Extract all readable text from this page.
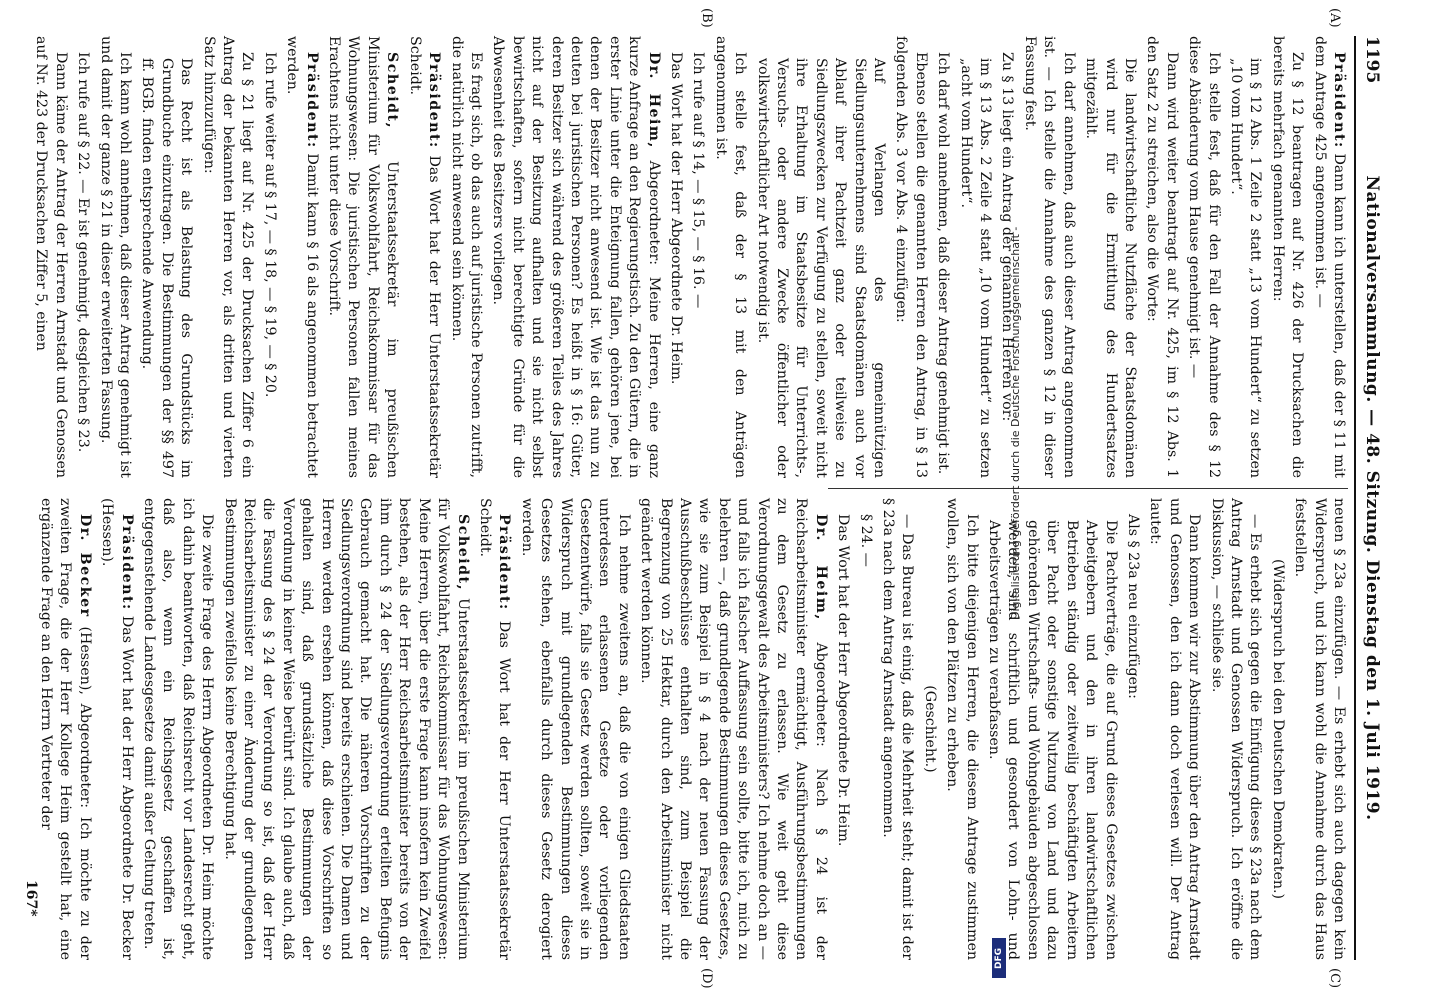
1195
Nationalversammlung. — 48. Sitzung. Dienstag den 1. Juli 1919.
(A)
(B)
(C)
(D)

Präsident: Dann kann ich unterstellen, daß der § 11 mit dem Antrage 425 angenommen ist. —

Zu § 12 beantragen auf Nr. 426 der Drucksachen die bereits mehrfach genannten Herren:

im § 12 Abs. 1 Zeile 2 statt „13 vom Hundert“ zu setzen „10 vom Hundert“.

Ich stelle fest, daß für den Fall der Annahme des § 12 diese Abänderung vom Hause genehmigt ist. —

Dann wird weiter beantragt auf Nr. 425, im § 12 Abs. 1 den Satz 2 zu streichen, also die Worte:

Die landwirtschaftliche Nutzfläche der Staatsdomänen wird nur für die Ermittlung des Hundertsatzes mitgezählt.

Ich darf annehmen, daß auch dieser Antrag angenommen ist. — Ich stelle die Annahme des ganzen § 12 in dieser Fassung fest.

Zu § 13 liegt ein Antrag der genannten Herren vor:

im § 13 Abs. 2 Zeile 4 statt „10 vom Hundert“ zu setzen „acht vom Hundert“.

Ich darf wohl annehmen, daß dieser Antrag genehmigt ist.

Ebenso stellen die genannten Herren den Antrag, in § 13 folgenden Abs. 3 vor Abs. 4 einzufügen:

Auf Verlangen des gemeinnützigen Siedlungsunternehmens sind Staatsdomänen auch vor Ablauf ihrer Pachtzeit ganz oder teilweise zu Siedlungszwecken zur Verfügung zu stellen, soweit nicht ihre Erhaltung im Staatsbesitze für Unterrichts-, Versuchs- oder andere Zwecke öffentlicher oder volkswirtschaftlicher Art notwendig ist.

Ich stelle fest, daß der § 13 mit den Anträgen angenommen ist.

Ich rufe auf § 14, — § 15, — § 16. —

Das Wort hat der Herr Abgeordnete Dr. Heim.

Dr. Heim, Abgeordneter: Meine Herren, eine ganz kurze Anfrage an den Regierungstisch. Zu den Gütern, die in erster Linie unter die Enteignung fallen, gehören jene, bei denen der Besitzer nicht anwesend ist. Wie ist das nun zu deuten bei juristischen Personen? Es heißt in § 16: Güter, deren Besitzer sich während des größeren Teiles des Jahres nicht auf der Besitzung aufhalten und sie nicht selbst bewirtschaften, sofern nicht berechtigte Gründe für die Abwesenheit des Besitzers vorliegen.

Es fragt sich, ob das auch auf juristische Personen zutrifft, die natürlich nicht anwesend sein können.

Präsident: Das Wort hat der Herr Unterstaatssekretär Scheidt.

Scheidt, Unterstaatssekretär im preußischen Ministerium für Volkswohlfahrt, Reichskommissar für das Wohnungswesen: Die juristischen Personen fallen meines Erachtens nicht unter diese Vorschrift.

Präsident: Damit kann § 16 als angenommen betrachtet werden.

Ich rufe weiter auf § 17, — § 18, — § 19, — § 20.

Zu § 21 liegt auf Nr. 425 der Drucksachen Ziffer 6 ein Antrag der bekannten Herren vor, als dritten und vierten Satz hinzuzufügen:

Das Recht ist als Belastung des Grundstücks im Grundbuche einzutragen. Die Bestimmungen der §§ 497 ff. BGB. finden entsprechende Anwendung.

Ich kann wohl annehmen, daß dieser Antrag genehmigt ist und damit der ganze § 21 in dieser erweiterten Fassung.

Ich rufe auf § 22. — Er ist genehmigt, desgleichen § 23.

Dann käme der Antrag der Herren Arnstadt und Genossen auf Nr. 423 der Drucksachen Ziffer 5, einen

neuen § 23a einzufügen. — Es erhebt sich auch dagegen kein Widerspruch, und ich kann wohl die Annahme durch das Haus feststellen.

(Widerspruch bei den Deutschen Demokraten.)

— Es erhebt sich gegen die Einfügung dieses § 23a nach dem Antrag Arnstadt und Genossen Widerspruch. Ich eröffne die Diskussion, — schließe sie.

Dann kommen wir zur Abstimmung über den Antrag Arnstadt und Genossen, den ich dann doch verlesen will. Der Antrag lautet:

Als § 23a neu einzufügen:

Die Pachtverträge, die auf Grund dieses Gesetzes zwischen Arbeitgebern und den in ihren landwirtschaftlichen Betrieben ständig oder zeitweilig beschäftigten Arbeitern über Pacht oder sonstige Nutzung von Land und dazu gehörenden Wirtschafts- und Wohngebäuden abgeschlossen werden, sind schriftlich und gesondert von Lohn- und Arbeitsverträgen zu verabfassen.

Ich bitte diejenigen Herren, die diesem Antrage zustimmen wollen, sich von den Plätzen zu erheben.

(Geschieht.)

— Das Bureau ist einig, daß die Mehrheit steht; damit ist der § 23a nach dem Antrag Arnstadt angenommen.

§ 24. —

Das Wort hat der Herr Abgeordnete Dr. Heim.

Dr. Heim, Abgeordneter: Nach § 24 ist der Reichsarbeitsminister ermächtigt, Ausführungsbestimmungen zu dem Gesetz zu erlassen. Wie weit geht diese Verordnungsgewalt des Arbeitsministers? Ich nehme doch an — und falls ich falscher Auffassung sein sollte, bitte ich, mich zu belehren —, daß grundlegende Bestimmungen dieses Gesetzes, wie sie zum Beispiel in § 4 nach der neuen Fassung der Ausschußbeschlüsse enthalten sind, zum Beispiel die Begrenzung von 25 Hektar, durch den Arbeitsminister nicht geändert werden können.

Ich nehme zweitens an, daß die von einigen Gliedstaaten unterdessen erlassenen Gesetze oder vorliegenden Gesetzentwürfe, falls sie Gesetz werden sollten, soweit sie in Widerspruch mit grundlegenden Bestimmungen dieses Gesetzes stehen, ebenfalls durch dieses Gesetz derogiert werden.

Präsident: Das Wort hat der Herr Unterstaatssekretär Scheidt.

Scheidt, Unterstaatssekretär im preußischen Ministerium für Volkswohlfahrt, Reichskommissar für das Wohnungswesen: Meine Herren, über die erste Frage kann insofern kein Zweifel bestehen, als der Herr Reichsarbeitsminister bereits von der ihm durch § 24 der Siedlungsverordnung erteilten Befugnis Gebrauch gemacht hat. Die näheren Vorschriften zu der Siedlungsverordnung sind bereits erschienen. Die Damen und Herren werden ersehen können, daß diese Vorschriften so gehalten sind, daß grundsätzliche Bestimmungen der Verordnung in keiner Weise berührt sind. Ich glaube auch, daß die Fassung des § 24 der Verordnung so ist, daß der Herr Reichsarbeitsminister zu einer Änderung der grundlegenden Bestimmungen zweifellos keine Berechtigung hat.

Die zweite Frage des Herrn Abgeordneten Dr. Heim möchte ich dahin beantworten, daß Reichsrecht vor Landesrecht geht, daß also, wenn ein Reichsgesetz geschaffen ist, entgegenstehende Landesgesetze damit außer Geltung treten.

Präsident: Das Wort hat der Herr Abgeordnete Dr. Becker (Hessen).

Dr. Becker (Hessen), Abgeordneter: Ich möchte zu der zweiten Frage, die der Herr Kollege Heim gestellt hat, eine ergänzende Frage an den Herrn Vertreter der

167*
Digitalisierung gefördert durch die Deutsche Forschungsgemeinschaft -
DFG
